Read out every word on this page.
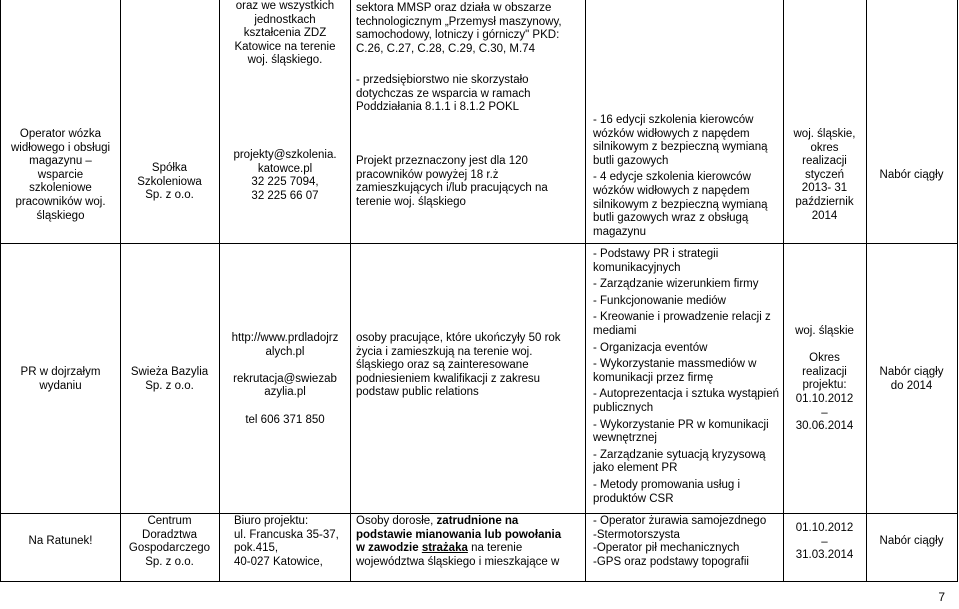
Operator wózka

widłowego i obsługi

magazynu –

wsparcie

szkoleniowe

pracowników woj.

śląskiego

Spółka

Szkoleniowa

Sp. z o.o.

oraz we wszystkich

jednostkach

kształcenia ZDZ

Katowice na terenie

woj. śląskiego.

projekty@szkolenia.

katowce.pl

32 225 7094,

32 225 66 07

sektora MMŚP oraz działa w obszarze

technologicznym „Przemysł maszynowy,

samochodowy, lotniczy i górniczy" PKD:

C.26, C.27, C.28, C.29, C.30, M.74

- przedsiębiorstwo nie skorzystało

dotychczas ze wsparcia w ramach

Poddziałania 8.1.1 i 8.1.2 POKL

Projekt przeznaczony jest dla 120

pracowników powyżej 18 r.ż

zamieszkujących i/lub pracujących na

terenie woj. śląskiego

- 16 edycji szkolenia kierowców

wózków widłowych z napędem

silnikowym z bezpieczną wymianą

butli gazowych

- 4 edycje szkolenia kierowców

wózków widłowych z napędem

silnikowym z bezpieczną wymianą

butli gazowych wraz z obsługą

magazynu

woj. śląskie,

okres

realizacji

styczeń

2013- 31

październik

2014

Nabór ciągły

PR w dojrzałym

wydaniu

Świeża Bazylia

Sp. z o.o.

http://www.prdladojrz

alych.pl

rekrutacja@swiezab

azylia.pl

tel 606 371 850

osoby pracujące, które ukończyły 50 rok

życia i zamieszkują na terenie woj.

śląskiego oraz są zainteresowane

podniesieniem kwalifikacji z zakresu

podstaw public relations

- Podstawy PR i strategii

komunikacyjnych

- Zarządzanie wizerunkiem firmy

- Funkcjonowanie mediów

- Kreowanie i prowadzenie relacji z

mediami

- Organizacja eventów

- Wykorzystanie massmediów w

komunikacji przez firmę

- Autoprezentacja i sztuka wystąpień

publicznych

- Wykorzystanie PR w komunikacji

wewnętrznej

- Zarządzanie sytuacją kryzysową

jako element PR

- Metody promowania usług i

produktów CSR

woj. śląskie

Okres

realizacji

projektu:

01.10.2012

–

30.06.2014

Nabór ciągły

do 2014

Na Ratunek!

Centrum

Doradztwa

Gospodarczego

Sp. z o.o.

Biuro projektu:

ul. Francuska 35-37,

pok.415,

40-027 Katowice,

Osoby dorosłe, zatrudnione na

podstawie mianowania lub powołania

w zawodzie strażaka na terenie

województwa śląskiego i mieszkające w

- Operator żurawia samojezdnego

-Stermotorszysta

-Operator pił mechanicznych

-GPS oraz podstawy topografii

01.10.2012

–

31.03.2014

Nabór ciągły

7
